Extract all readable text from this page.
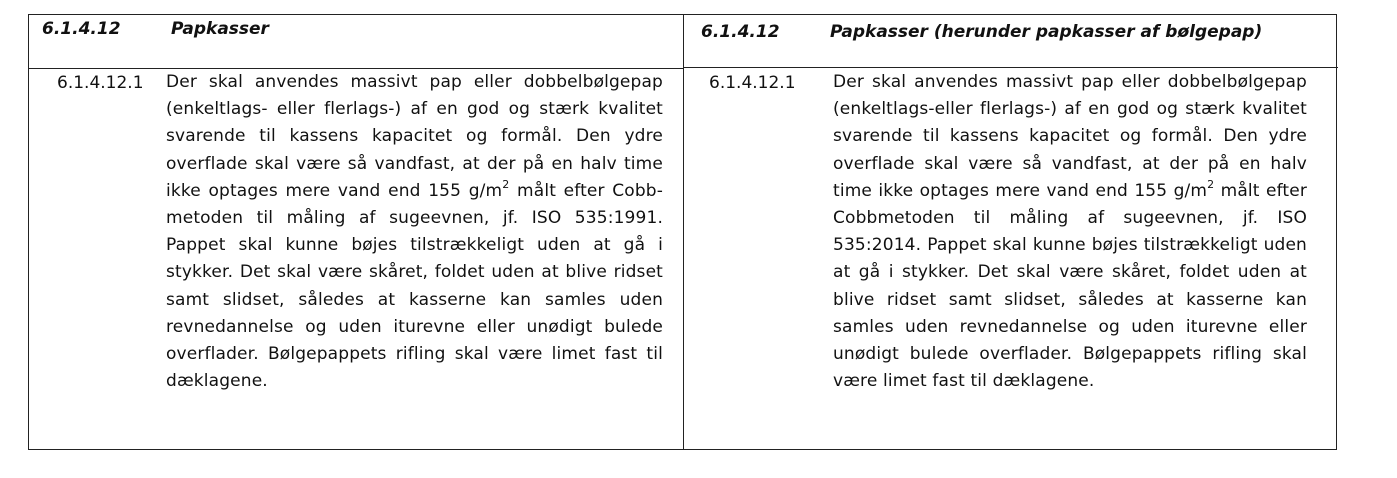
6.1.4.12	Papkasser
6.1.4.12.1 Der skal anvendes massivt pap eller dobbelbølgepap (enkeltlags- eller flerlags-) af en god og stærk kvalitet svarende til kassens kapacitet og formål. Den ydre overflade skal være så vandfast, at der på en halv time ikke optages mere vand end 155 $g/m^2$ målt efter Cobb- metoden til måling af sugeevnen, jf. ISO 535:1991. Pappet skal kunne bøjes tilstrækkeligt uden at gå i stykker. Det skal være skåret, foldet uden at blive ridset samt slidset, således at kasserne kan samles uden revnedannelse og uden iturevne eller unødigt bulede overflader. Bølgepappets rifling skal være limet fast til dæklagene.

6.1.4.12	Papkasser (herunder papkasser af bølgepap)
6.1.4.12.1 Der skal anvendes massivt pap eller dobbelbølgepap (enkeltlags-eller flerlags-) af en god og stærk kvalitet svarende til kassens kapacitet og formål. Den ydre overflade skal være så vandfast, at der på en halv time ikke optages mere vand end 155 $g/m^2$ målt efter Cobbmetoden til måling af sugeevnen, jf. ISO 535:2014. Pappet skal kunne bøjes tilstrækkeligt uden at gå i stykker. Det skal være skåret, foldet uden at blive ridset samt slidset, således at kasserne kan samles uden revnedannelse og uden iturevne eller unødigt bulede overflader. Bølgepappets rifling skal være limet fast til dæklagene.
